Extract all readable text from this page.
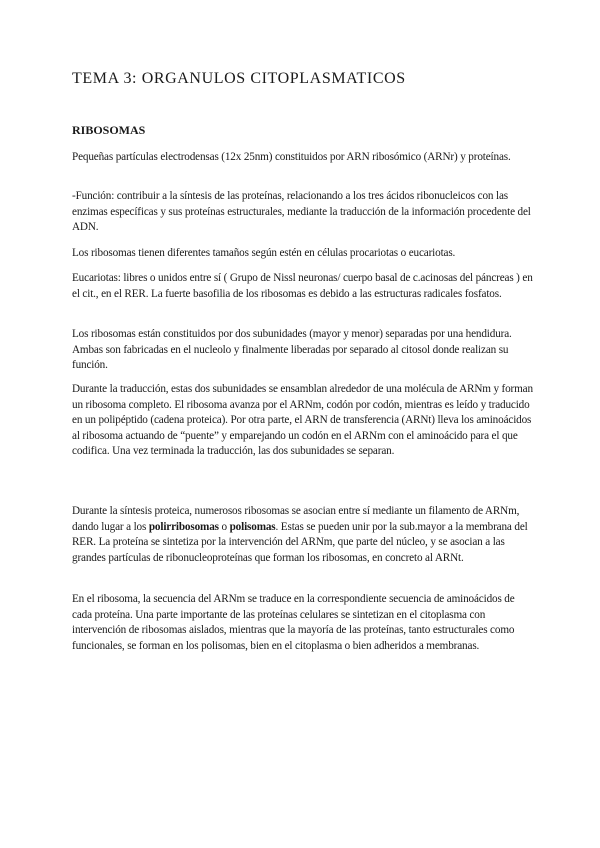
TEMA 3: ORGANULOS CITOPLASMATICOS
RIBOSOMAS

Pequeñas partículas electrodensas (12x 25nm) constituidos por ARN ribosómico (ARNr) y proteínas.

-Función: contribuir a la síntesis de las proteínas, relacionando a los tres ácidos ribonucleicos con las enzimas específicas y sus proteínas estructurales, mediante la traducción de la información procedente del ADN.

Los ribosomas tienen diferentes tamaños según estén en células procariotas o eucariotas.

Eucariotas: libres o unidos entre sí ( Grupo de Nissl neuronas/ cuerpo basal de c.acinosas del páncreas ) en el cit., en el RER. La fuerte basofilia de los ribosomas es debido a las estructuras radicales fosfatos.

Los ribosomas están constituidos por dos subunidades (mayor y menor) separadas por una hendidura. Ambas son fabricadas en el nucleolo y finalmente liberadas por separado al citosol donde realizan su función.

Durante la traducción, estas dos subunidades se ensamblan alrededor de una molécula de ARNm y forman un ribosoma completo. El ribosoma avanza por el ARNm, codón por codón, mientras es leído y traducido en un polipéptido (cadena proteica). Por otra parte, el ARN de transferencia (ARNt) lleva los aminoácidos al ribosoma actuando de “puente” y emparejando un codón en el ARNm con el aminoácido para el que codifica. Una vez terminada la traducción, las dos subunidades se separan.

Durante la síntesis proteica, numerosos ribosomas se asocian entre sí mediante un filamento de ARNm, dando lugar a los polirribosomas o polisomas. Estas se pueden unir por la sub.mayor a la membrana del RER. La proteína se sintetiza por la intervención del ARNm, que parte del núcleo, y se asocian a las grandes partículas de ribonucleoproteínas que forman los ribosomas, en concreto al ARNt.

En el ribosoma, la secuencia del ARNm se traduce en la correspondiente secuencia de aminoácidos de cada proteína. Una parte importante de las proteínas celulares se sintetizan en el citoplasma con intervención de ribosomas aislados, mientras que la mayoría de las proteínas, tanto estructurales como funcionales, se forman en los polisomas, bien en el citoplasma o bien adheridos a membranas.
